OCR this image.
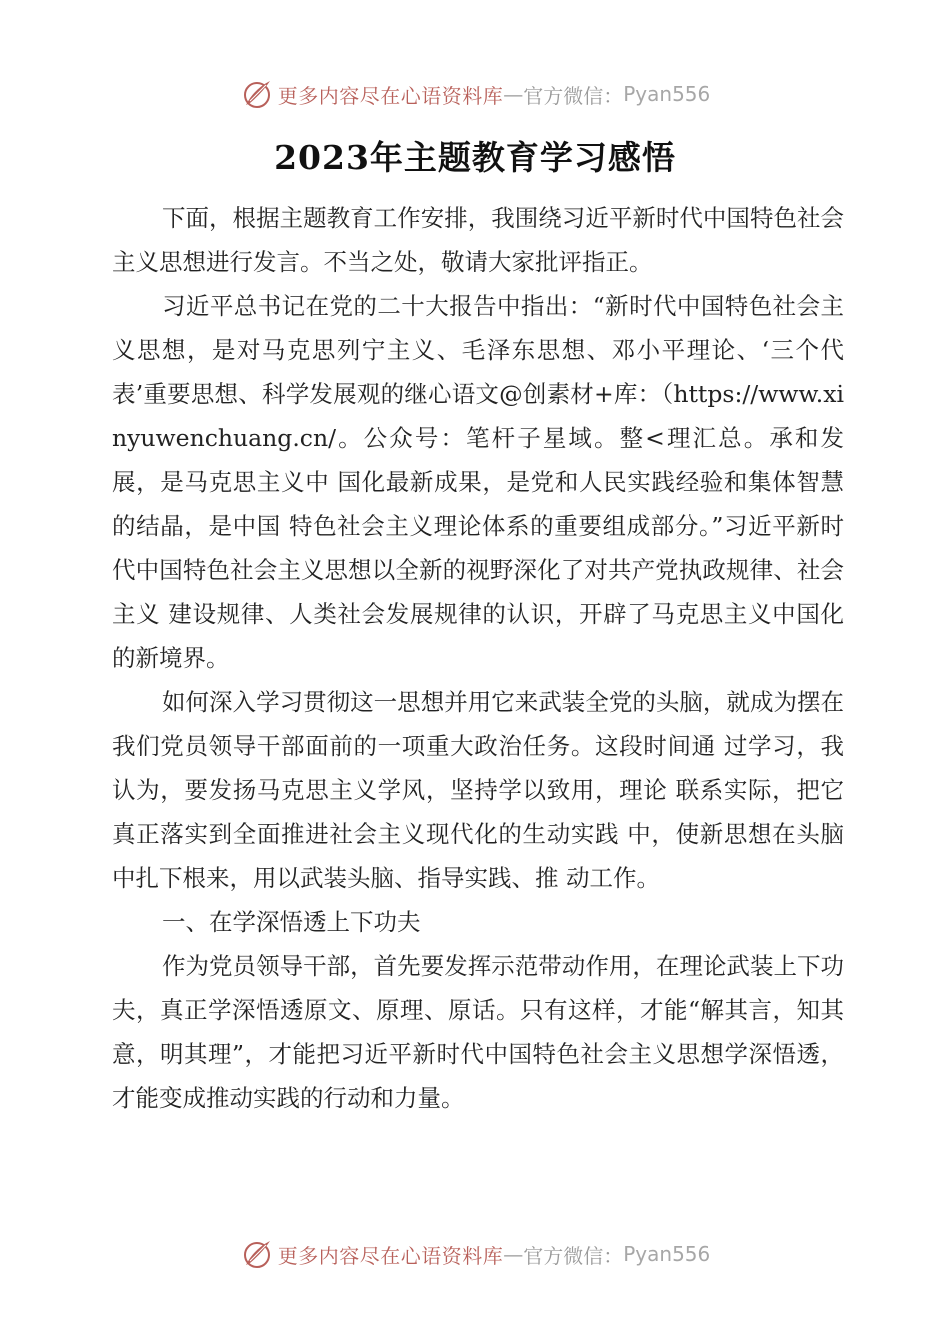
更多内容尽在心语资料库 — 官方微信： Pyan556
2023年主题教育学习感悟

下面，根据主题教育工作安排，我围绕习近平新时代中国特色社会主义思想进行发言。不当之处，敬请大家批评指正。

习近平总书记在党的二十大报告中指出：“新时代中国特色社会主义思想，是对马克思列宁主义、毛泽东思想、邓小平理论、‘三个代表’重要思想、科学发展观的继心语文@创素材+库：（https://www.xinyuwenchuang.cn/。公众号：笔杆子星域。整<理汇总。承和发展，是马克思主义中 国化最新成果，是党和人民实践经验和集体智慧的结晶，是中国 特色社会主义理论体系的重要组成部分。”习近平新时代中国特色社会主义思想以全新的视野深化了对共产党执政规律、社会主义 建设规律、人类社会发展规律的认识，开辟了马克思主义中国化 的新境界。

如何深入学习贯彻这一思想并用它来武装全党的头脑，就成为摆在我们党员领导干部面前的一项重大政治任务。这段时间通 过学习，我认为，要发扬马克思主义学风，坚持学以致用，理论 联系实际，把它真正落实到全面推进社会主义现代化的生动实践 中，使新思想在头脑中扎下根来，用以武装头脑、指导实践、推 动工作。

一、在学深悟透上下功夫

作为党员领导干部，首先要发挥示范带动作用，在理论武装上下功夫，真正学深悟透原文、原理、原话。只有这样，才能“解其言，知其意，明其理”，才能把习近平新时代中国特色社会主义思想学深悟透，才能变成推动实践的行动和力量。

更多内容尽在心语资料库 — 官方微信： Pyan556
